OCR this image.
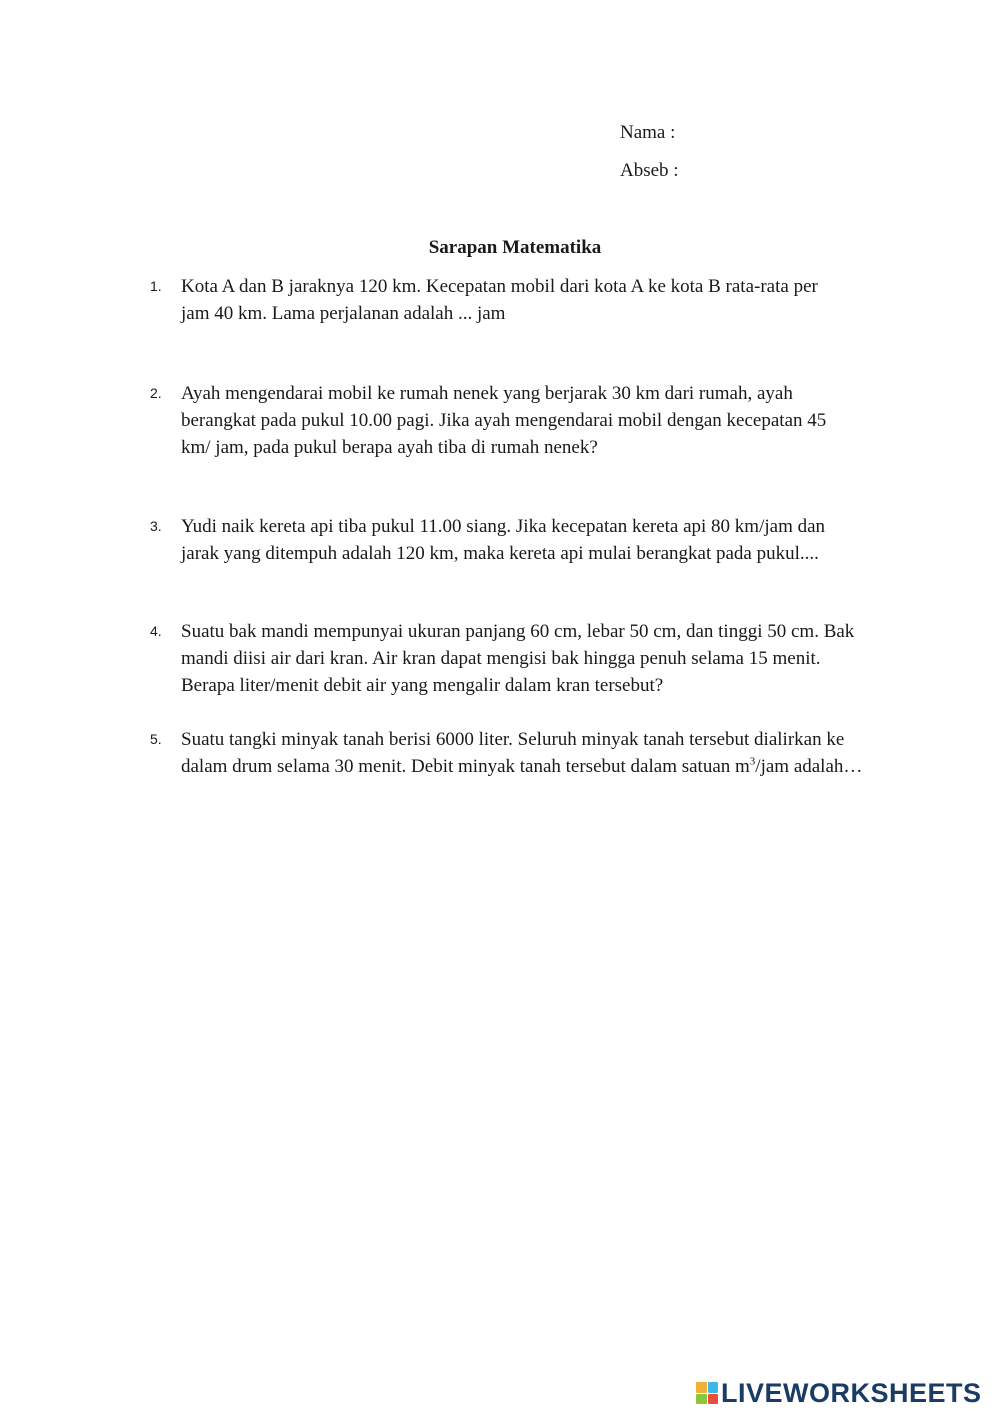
Nama :
Abseb :
Sarapan Matematika
1. Kota A dan B jaraknya 120 km. Kecepatan mobil dari kota A ke kota B rata-rata per
jam 40 km. Lama perjalanan adalah ... jam
2. Ayah mengendarai mobil ke rumah nenek yang berjarak 30 km dari rumah, ayah
berangkat pada pukul 10.00 pagi. Jika ayah mengendarai mobil dengan kecepatan 45
km/ jam, pada pukul berapa ayah tiba di rumah nenek?
3. Yudi naik kereta api tiba pukul 11.00 siang. Jika kecepatan kereta api 80 km/jam dan
jarak yang ditempuh adalah 120 km, maka kereta api mulai berangkat pada pukul....
4. Suatu bak mandi mempunyai ukuran panjang 60 cm, lebar 50 cm, dan tinggi 50 cm. Bak
mandi diisi air dari kran. Air kran dapat mengisi bak hingga penuh selama 15 menit.
Berapa liter/menit debit air yang mengalir dalam kran tersebut?
5. Suatu tangki minyak tanah berisi 6000 liter. Seluruh minyak tanah tersebut dialirkan ke
dalam drum selama 30 menit. Debit minyak tanah tersebut dalam satuan $m^3$/jam adalah…
LIVEWORKSHEETS
